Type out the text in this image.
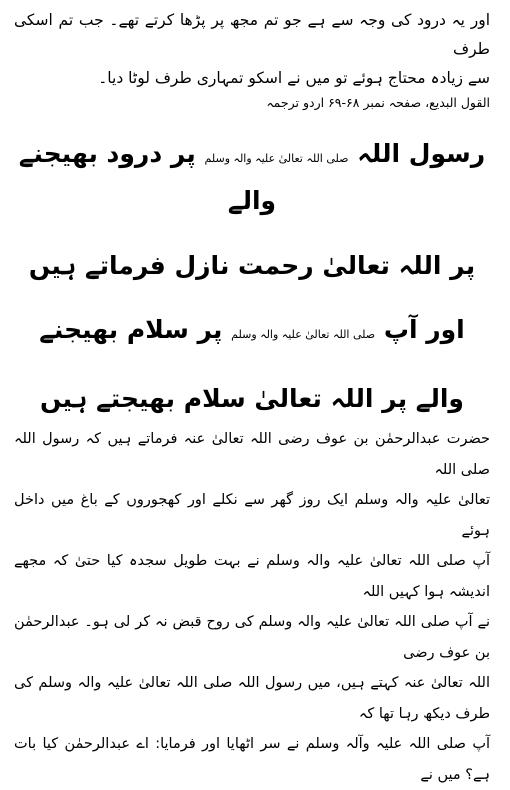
اور یہ درود کی وجہ سے ہے جو تم مجھ پر پڑھا کرتے تھے۔ جب تم اسکی طرف

سے زیادہ محتاج ہوئے تو میں نے اسکو تمہاری طرف لوٹا دیا۔

القول البدیع، صفحہ نمبر ۶۸-۶۹ اردو ترجمہ

رسول اللہ صلی اللہ تعالیٰ علیہ والہ وسلم پر درود بھیجنے والے

پر اللہ تعالیٰ رحمت نازل فرماتے ہیں

اور آپ صلی اللہ تعالیٰ علیہ والہ وسلم پر سلام بھیجنے

والے پر اللہ تعالیٰ سلام بھیجتے ہیں

حضرت عبدالرحمٰن بن عوف رضی اللہ تعالیٰ عنہ فرماتے ہیں کہ رسول اللہ صلی اللہ

تعالیٰ علیہ والہ وسلم ایک روز گھر سے نکلے اور کھجوروں کے باغ میں داخل ہوئے

آپ صلی اللہ تعالیٰ علیہ والہ وسلم نے بہت طویل سجدہ کیا حتیٰ کہ مجھے اندیشہ ہوا کہیں اللہ

نے آپ صلی اللہ تعالیٰ علیہ والہ وسلم کی روح قبض نہ کر لی ہو۔ عبدالرحمٰن بن عوف رضی

اللہ تعالیٰ عنہ کہتے ہیں، میں رسول اللہ صلی اللہ تعالیٰ علیہ والہ وسلم کی طرف دیکھ رہا تھا کہ

آپ صلی اللہ علیہ وآلہ وسلم نے سر اٹھایا اور فرمایا: اے عبدالرحمٰن کیا بات ہے؟ میں نے
